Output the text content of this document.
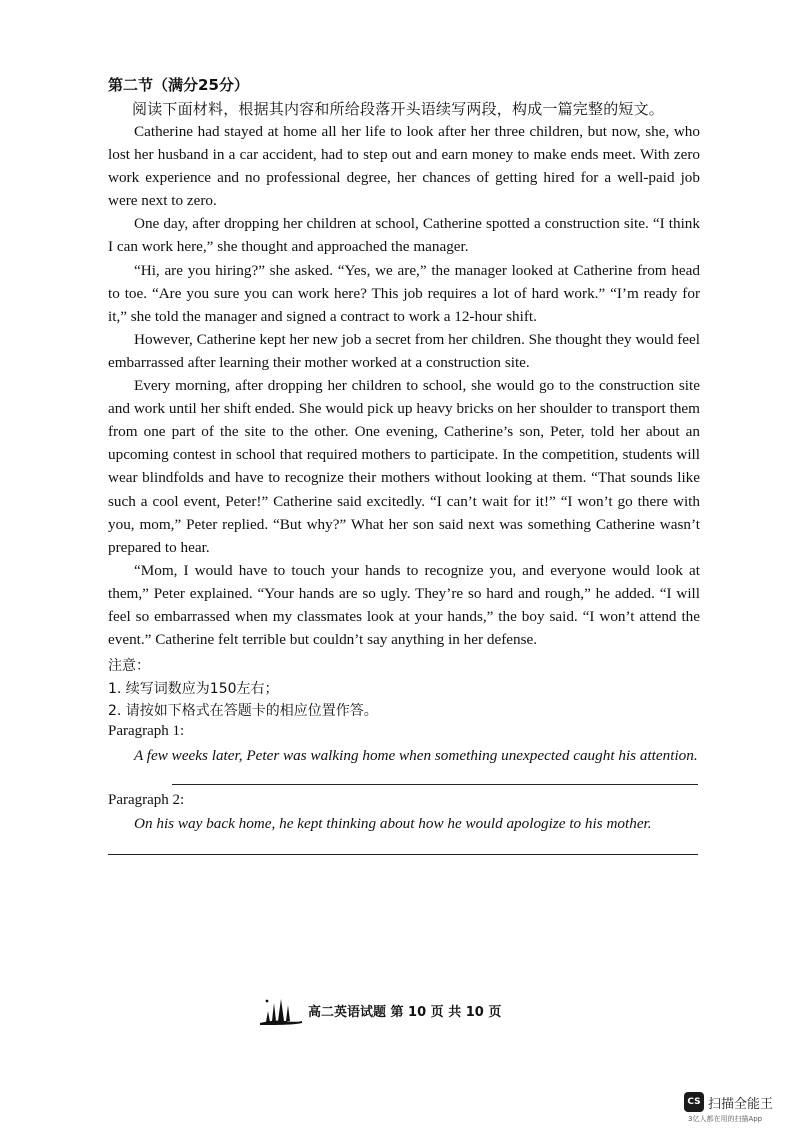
第二节（满分25分）
阅读下面材料，根据其内容和所给段落开头语续写两段，构成一篇完整的短文。

Catherine had stayed at home all her life to look after her three children, but now, she, who lost her husband in a car accident, had to step out and earn money to make ends meet. With zero work experience and no professional degree, her chances of getting hired for a well-paid job were next to zero.

One day, after dropping her children at school, Catherine spotted a construction site. “I think I can work here,” she thought and approached the manager.

“Hi, are you hiring?” she asked. “Yes, we are,” the manager looked at Catherine from head to toe. “Are you sure you can work here? This job requires a lot of hard work.” “I’m ready for it,” she told the manager and signed a contract to work a 12-hour shift.

However, Catherine kept her new job a secret from her children. She thought they would feel embarrassed after learning their mother worked at a construction site.

Every morning, after dropping her children to school, she would go to the construction site and work until her shift ended. She would pick up heavy bricks on her shoulder to transport them from one part of the site to the other. One evening, Catherine’s son, Peter, told her about an upcoming contest in school that required mothers to participate. In the competition, students will wear blindfolds and have to recognize their mothers without looking at them. “That sounds like such a cool event, Peter!” Catherine said excitedly. “I can’t wait for it!” “I won’t go there with you, mom,” Peter replied. “But why?” What her son said next was something Catherine wasn’t prepared to hear.

“Mom, I would have to touch your hands to recognize you, and everyone would look at them,” Peter explained. “Your hands are so ugly. They’re so hard and rough,” he added. “I will feel so embarrassed when my classmates look at your hands,” the boy said. “I won’t attend the event.” Catherine felt terrible but couldn’t say anything in her defense.

注意：
1. 续写词数应为150左右；
2. 请按如下格式在答题卡的相应位置作答。
Paragraph 1:
A few weeks later, Peter was walking home when something unexpected caught his attention.
Paragraph 2:
On his way back home, he kept thinking about how he would apologize to his mother.
高二英语试题 第 10 页 共 10 页
CS 扫描全能王
3亿人都在用的扫描App
